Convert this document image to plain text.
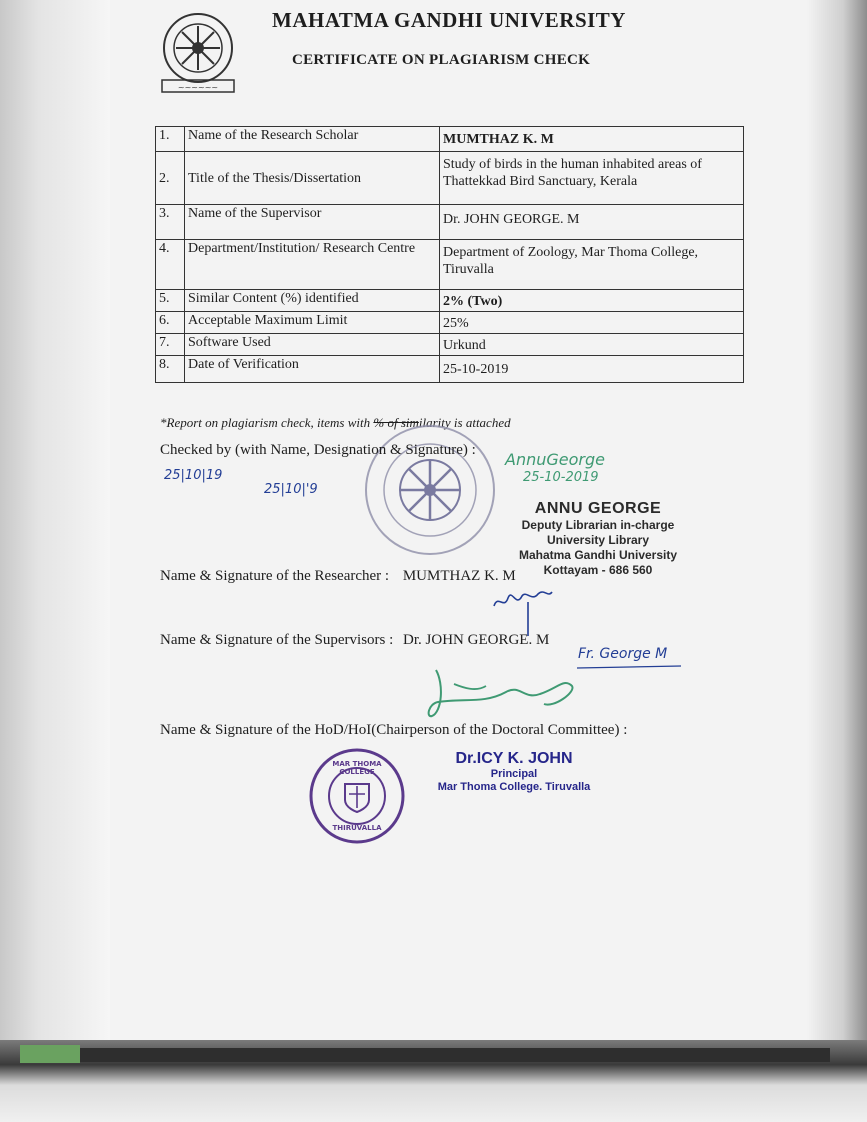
~~~~~~
MAHATMA GANDHI UNIVERSITY
CERTIFICATE ON PLAGIARISM CHECK
1.	Name of the Research Scholar	MUMTHAZ K. M
2.	Title of the Thesis/Dissertation	Study of birds in the human inhabited areas of Thattekkad Bird Sanctuary, Kerala
3.	Name of the Supervisor	Dr. JOHN GEORGE. M
4.	Department/Institution/ Research Centre	Department of Zoology, Mar Thoma College, Tiruvalla
5.	Similar Content (%) identified	2% (Two)
6.	Acceptable Maximum Limit	25%
7.	Software Used	Urkund
8.	Date of Verification	25-10-2019
*Report on plagiarism check, items with % of similarity is attached
Checked by (with Name, Designation & Signature) :
25|10|19
25|10|'9
AnnuGeorge
25-10-2019
ANNU GEORGE
Deputy Librarian in-charge
University Library
Mahatma Gandhi University
Kottayam - 686 560
Name & Signature of the Researcher : MUMTHAZ K. M
Name & Signature of the Supervisors : Dr. JOHN GEORGE. M
Fr. George M
Name & Signature of the HoD/HoI(Chairperson of the Doctoral Committee) :
MAR THOMA COLLEGE
THIRUVALLA
Dr.ICY K. JOHN
Principal
Mar Thoma College. Tiruvalla
